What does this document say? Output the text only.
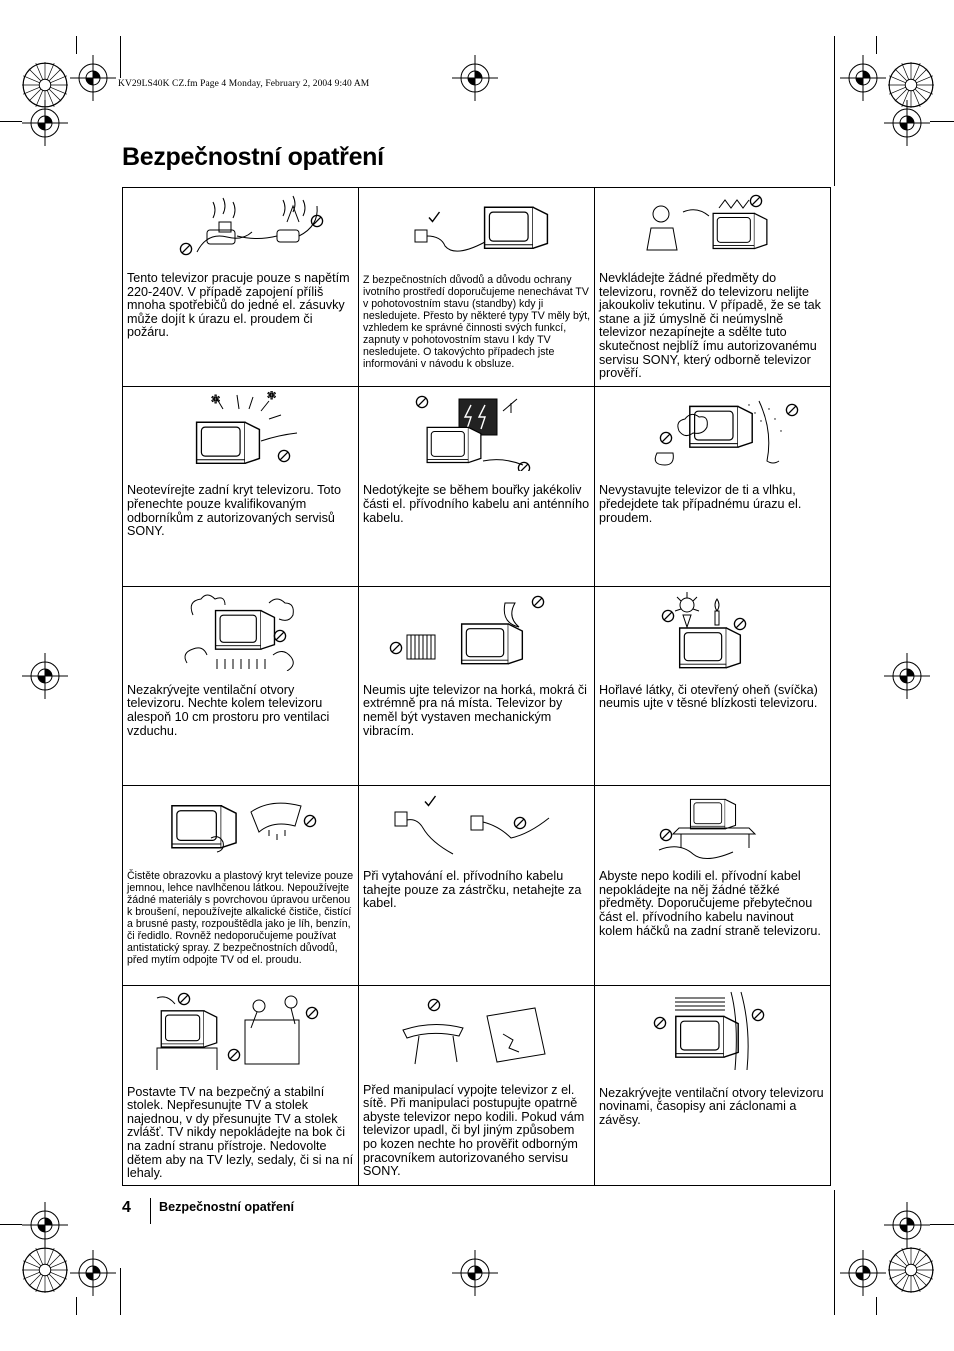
KV29LS40K CZ.fm Page 4 Monday, February 2, 2004 9:40 AM
Bezpečnostní opatření

Tento televizor pracuje pouze s napětím 220-240V. V případě zapojení příliš mnoha spotřebičů do jedné el. zásuvky může dojít k úrazu el. proudem či požáru.

Z bezpečnostních důvodů a důvodu ochrany ivotního prostředí doporučujeme nenechávat TV v pohotovostním stavu (standby) kdy ji nesledujete. Přesto by některé typy TV měly být, vzhledem ke správné činnosti svých funkcí, zapnuty v pohotovostním stavu I kdy TV nesledujete. O takovýchto případech jste informováni v návodu k obsluze.

Nevkládejte žádné předměty do televizoru, rovněž do televizoru nelijte jakoukoliv tekutinu. V případě, že se tak stane a již úmyslně či neúmyslně televizor nezapínejte a sdělte tuto skutečnost nejblíž ímu autorizovanému servisu SONY, který odborně televizor prověří.

✲	✲

Neotevírejte zadní kryt televizoru. Toto přenechte pouze kvalifikovaným odborníkům z autorizovaných servisů SONY.

Nedotýkejte se během bouřky jakékoliv části el. přívodního kabelu ani anténního kabelu.

Nevystavujte televizor de ti a vlhku, předejdete tak případnému úrazu el. proudem.

Nezakrývejte ventilační otvory televizoru. Nechte kolem televizoru alespoň 10 cm prostoru pro ventilaci vzduchu.

Neumis ujte televizor na horká, mokrá či extrémně pra ná místa. Televizor by neměl být vystaven mechanickým vibracím.

Hořlavé látky, či otevřený oheň (svíčka) neumis ujte v těsné blízkosti televizoru.

Čistěte obrazovku a plastový kryt televize pouze jemnou, lehce navlhčenou látkou. Nepoužívejte žádné materiály s povrchovou úpravou určenou k broušení, nepoužívejte alkalické čističe, čistící a brusné pasty, rozpouštědla jako je líh, benzín, či ředidlo. Rovněž nedoporučujeme používat antistatický spray. Z bezpečnostních důvodů, před mytím odpojte TV od el. proudu.

Při vytahování el. přívodního kabelu tahejte pouze za zástrčku, netahejte za kabel.

Abyste nepo kodili el. přívodní kabel nepokládejte na něj žádné těžké předměty. Doporučujeme přebytečnou část el. přívodního kabelu navinout kolem háčků na zadní straně televizoru.

Postavte TV na bezpečný a stabilní stolek. Nepřesunujte TV a stolek najednou, v dy přesunujte TV a stolek zvlášť. TV nikdy nepokládejte na bok či na zadní stranu přístroje. Nedovolte dětem aby na TV lezly, sedaly, či si na ní lehaly.

Před manipulací vypojte televizor z el. sítě. Při manipulaci postupujte opatrně abyste televizor nepo kodili. Pokud vám televizor upadl, či byl jiným způsobem po kozen nechte ho prověřit odborným pracovníkem autorizovaného servisu SONY.

Nezakrývejte ventilační otvory televizoru novinami, časopisy ani záclonami a závěsy.

4 Bezpečnostní opatření
